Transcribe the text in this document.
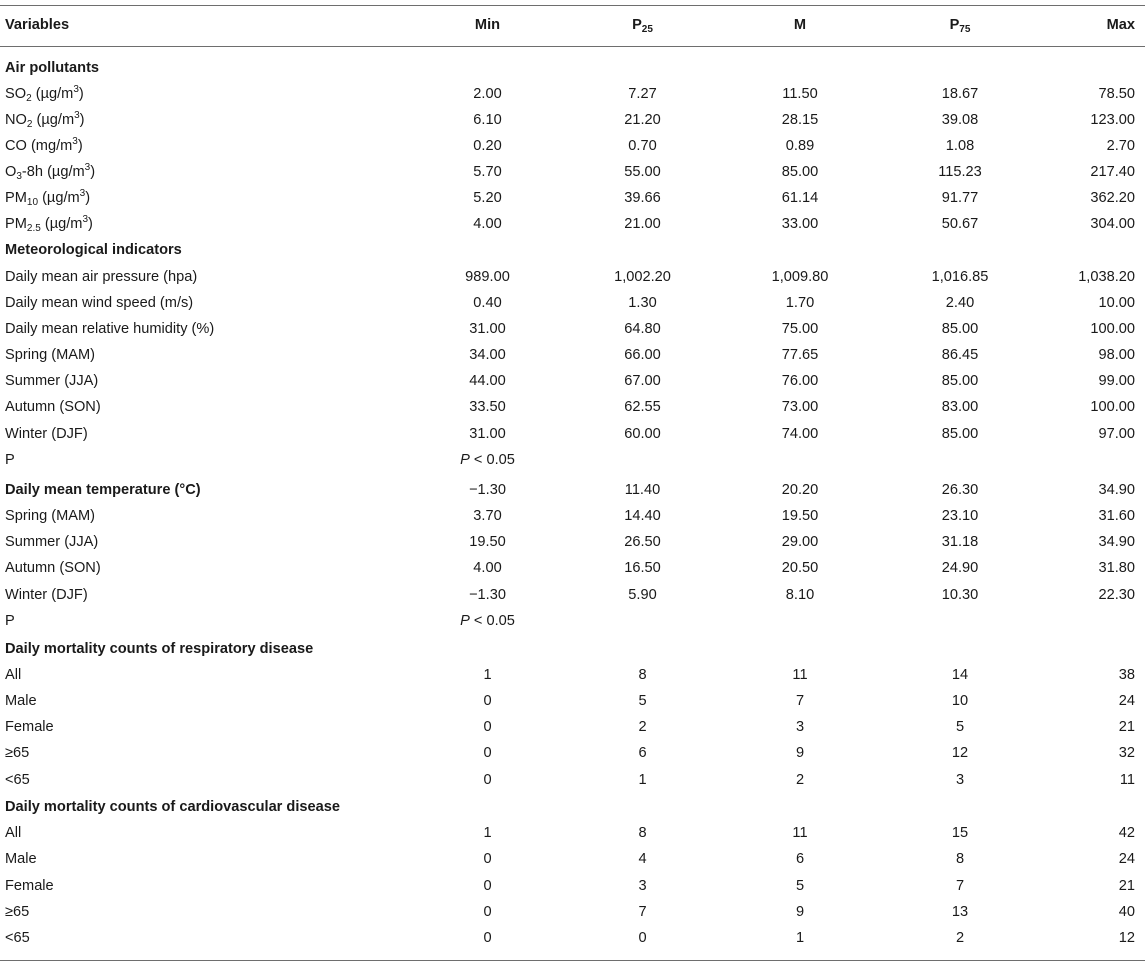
Variables	Min	$P_{25}$	M	$P_{75}$	Max
Air pollutants
$SO_2$ $(\mu g/m^3)$	2.00	7.27	11.50	18.67	78.50
$NO_2$ $(\mu g/m^3)$	6.10	21.20	28.15	39.08	123.00
CO $(mg/m^3)$	0.20	0.70	0.89	1.08	2.70
$O_3-8h$ $(\mu g/m^3)$	5.70	55.00	85.00	115.23	217.40
$PM_{10}$ $(\mu g/m^3)$	5.20	39.66	61.14	91.77	362.20
$PM_{2.5}$ $(\mu g/m^3)$	4.00	21.00	33.00	50.67	304.00
Meteorological indicators
Daily mean air pressure (hpa)	989.00	1,002.20	1,009.80	1,016.85	1,038.20
Daily mean wind speed (m/s)	0.40	1.30	1.70	2.40	10.00
Daily mean relative humidity (%)	31.00	64.80	75.00	85.00	100.00
Spring (MAM)	34.00	66.00	77.65	86.45	98.00
Summer (JJA)	44.00	67.00	76.00	85.00	99.00
Autumn (SON)	33.50	62.55	73.00	83.00	100.00
Winter (DJF)	31.00	60.00	74.00	85.00	97.00
P	P < 0.05
Daily mean temperature (°C)	−1.30	11.40	20.20	26.30	34.90
Spring (MAM)	3.70	14.40	19.50	23.10	31.60
Summer (JJA)	19.50	26.50	29.00	31.18	34.90
Autumn (SON)	4.00	16.50	20.50	24.90	31.80
Winter (DJF)	−1.30	5.90	8.10	10.30	22.30
P	P < 0.05
Daily mortality counts of respiratory disease
All	1	8	11	14	38
Male	0	5	7	10	24
Female	0	2	3	5	21
≥65	0	6	9	12	32
<65	0	1	2	3	11
Daily mortality counts of cardiovascular disease
All	1	8	11	15	42
Male	0	4	6	8	24
Female	0	3	5	7	21
≥65	0	7	9	13	40
<65	0	0	1	2	12
